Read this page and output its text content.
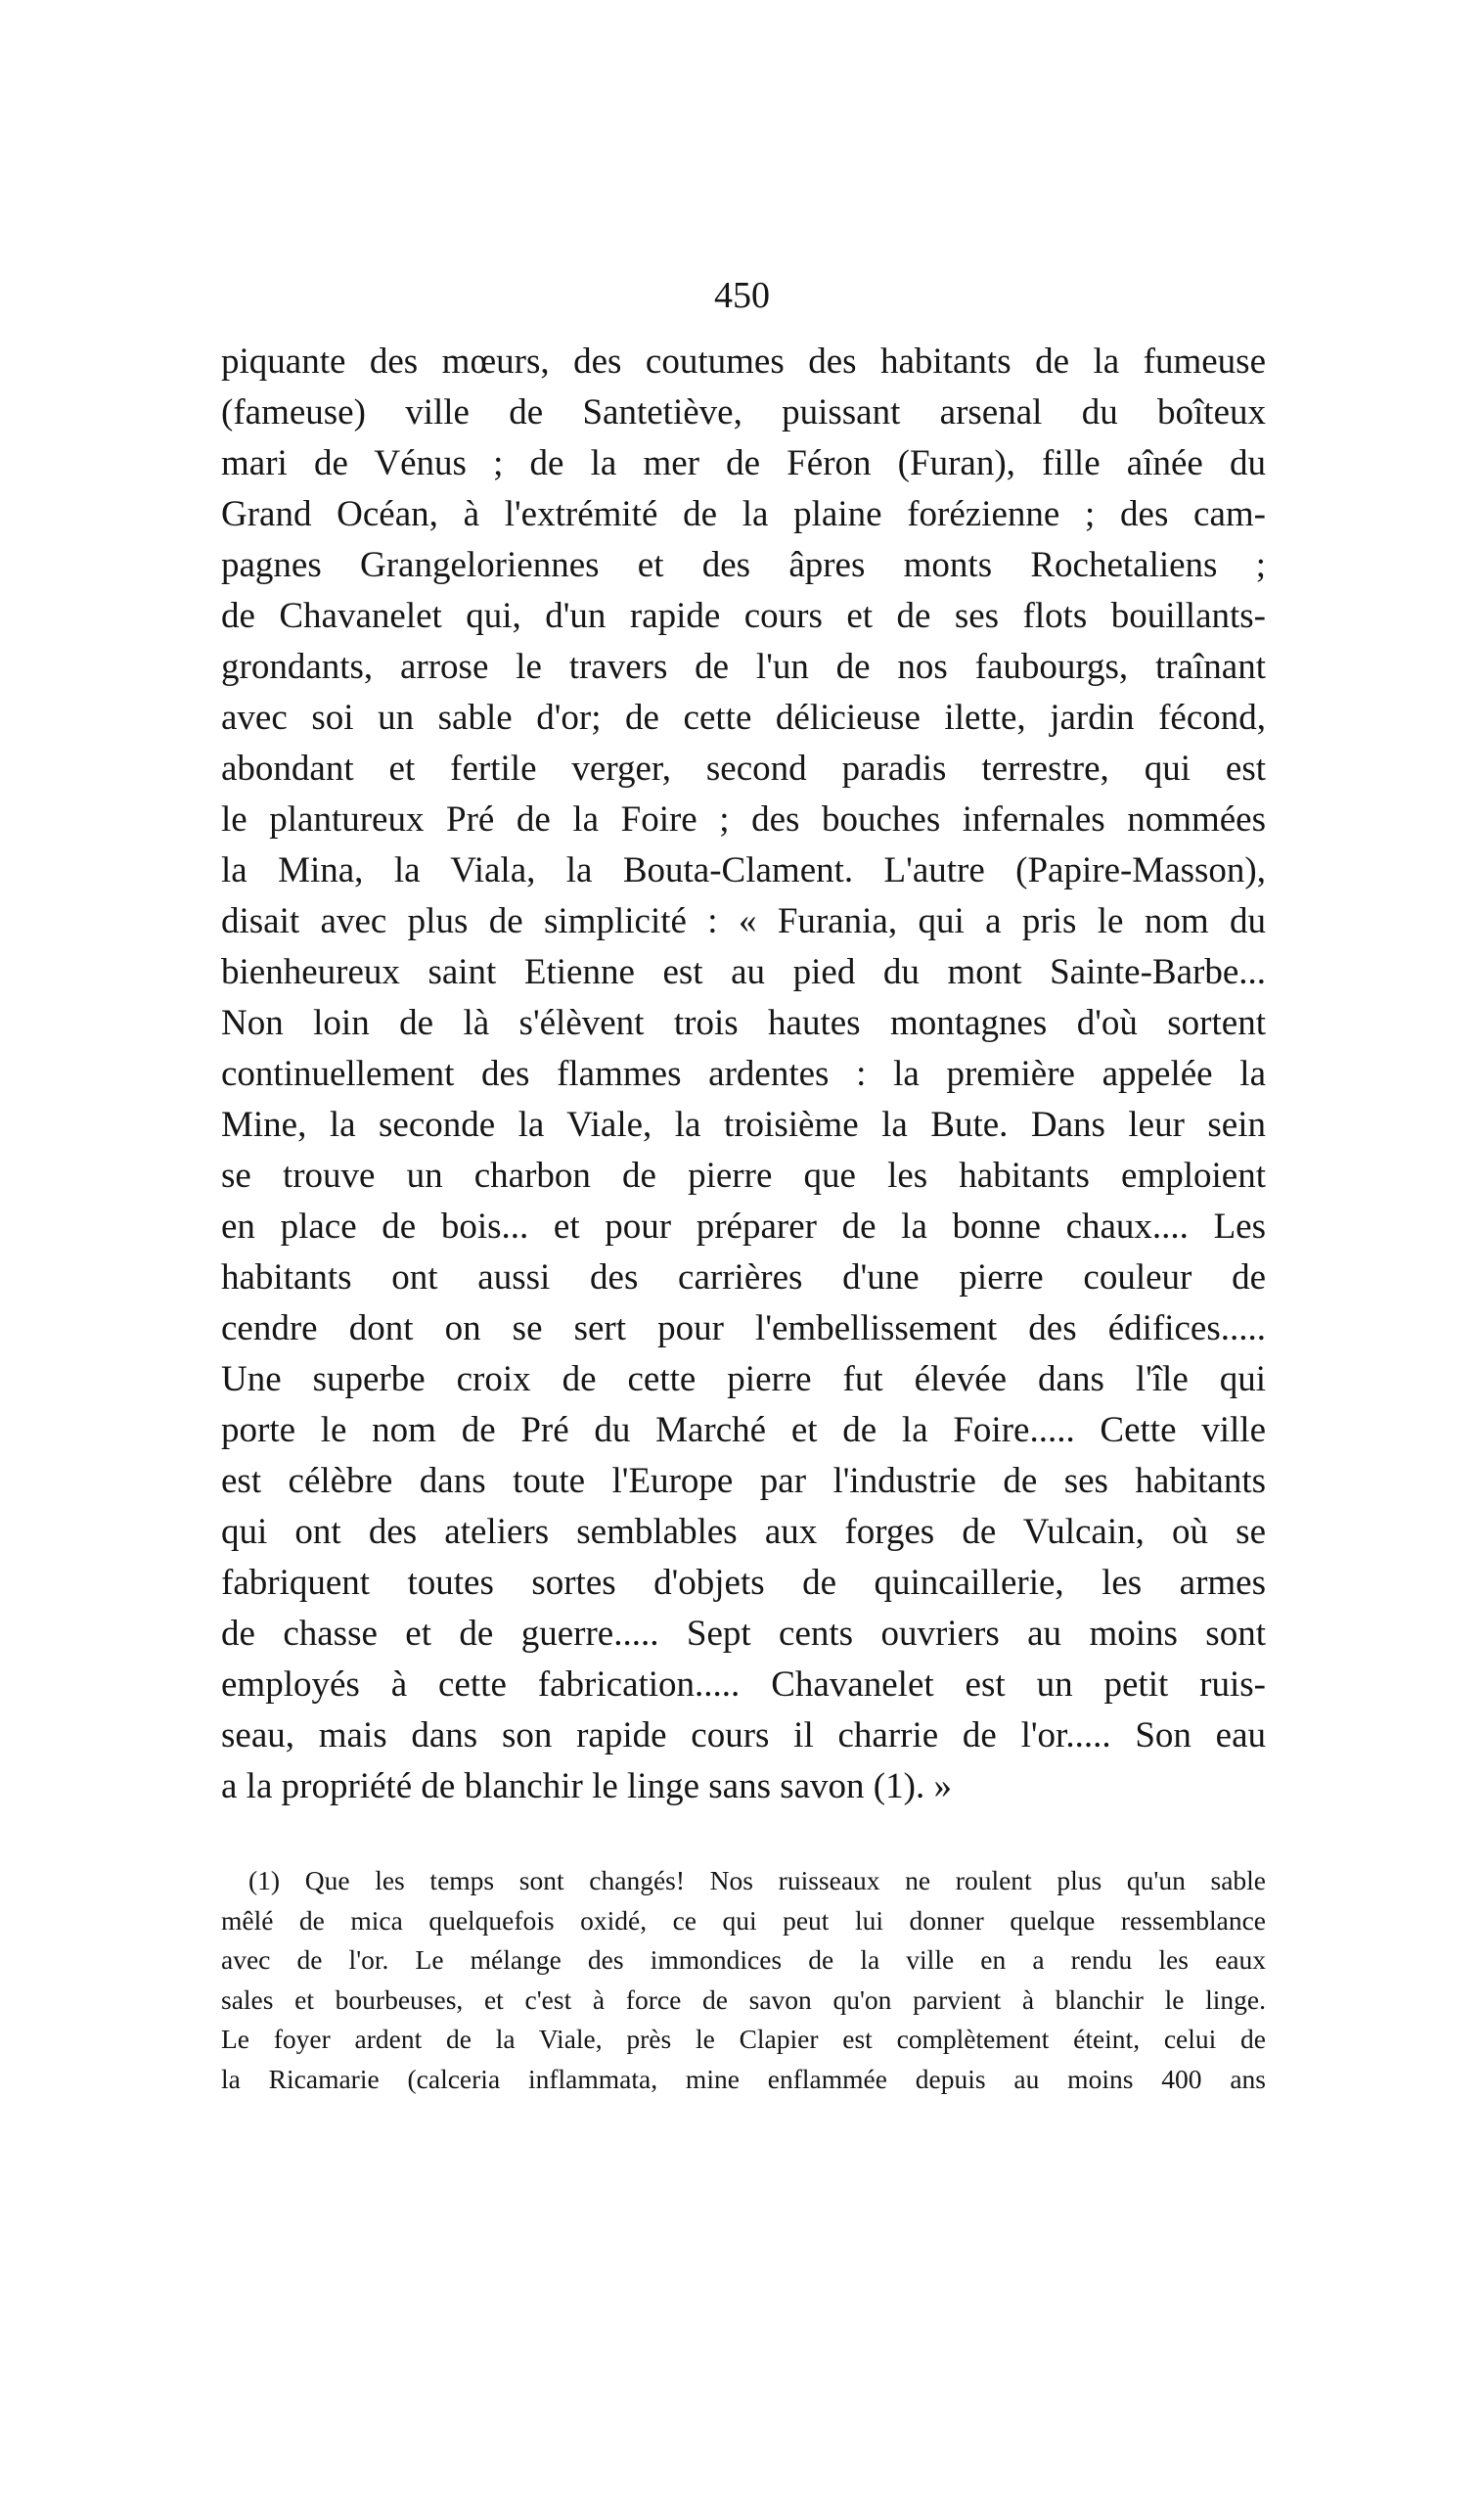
450
piquante des mœurs, des coutumes des habitants de la fumeuse
(fameuse) ville de Santetiève, puissant arsenal du boîteux
mari de Vénus ; de la mer de Féron (Furan), fille aînée du
Grand Océan, à l'extrémité de la plaine forézienne ; des cam-
pagnes Grangeloriennes et des âpres monts Rochetaliens ;
de Chavanelet qui, d'un rapide cours et de ses flots bouillants-
grondants, arrose le travers de l'un de nos faubourgs, traînant
avec soi un sable d'or; de cette délicieuse ilette, jardin fécond,
abondant et fertile verger, second paradis terrestre, qui est
le plantureux Pré de la Foire ; des bouches infernales nommées
la Mina, la Viala, la Bouta-Clament. L'autre (Papire-Masson),
disait avec plus de simplicité : « Furania, qui a pris le nom du
bienheureux saint Etienne est au pied du mont Sainte-Barbe...
Non loin de là s'élèvent trois hautes montagnes d'où sortent
continuellement des flammes ardentes : la première appelée la
Mine, la seconde la Viale, la troisième la Bute. Dans leur sein
se trouve un charbon de pierre que les habitants emploient
en place de bois... et pour préparer de la bonne chaux.... Les
habitants ont aussi des carrières d'une pierre couleur de
cendre dont on se sert pour l'embellissement des édifices.....
Une superbe croix de cette pierre fut élevée dans l'île qui
porte le nom de Pré du Marché et de la Foire..... Cette ville
est célèbre dans toute l'Europe par l'industrie de ses habitants
qui ont des ateliers semblables aux forges de Vulcain, où se
fabriquent toutes sortes d'objets de quincaillerie, les armes
de chasse et de guerre..... Sept cents ouvriers au moins sont
employés à cette fabrication..... Chavanelet est un petit ruis-
seau, mais dans son rapide cours il charrie de l'or..... Son eau
a la propriété de blanchir le linge sans savon (1). »
(1) Que les temps sont changés! Nos ruisseaux ne roulent plus qu'un sable
mêlé de mica quelquefois oxidé, ce qui peut lui donner quelque ressemblance
avec de l'or. Le mélange des immondices de la ville en a rendu les eaux
sales et bourbeuses, et c'est à force de savon qu'on parvient à blanchir le linge.
Le foyer ardent de la Viale, près le Clapier est complètement éteint, celui de
la Ricamarie (calceria inflammata, mine enflammée depuis au moins 400 ans
